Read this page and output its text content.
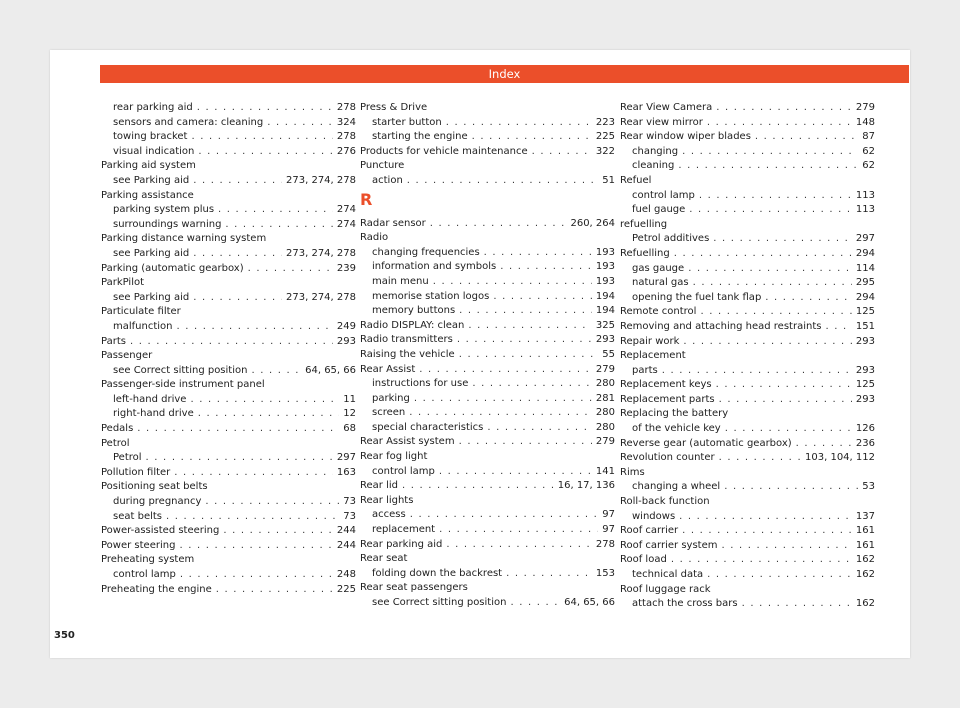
Index
rear parking aid . . .	278
sensors and camera: cleaning . . .	324
towing bracket . . .	278
visual indication . . .	276
Parking aid system
see Parking aid . . .	273, 274, 278
Parking assistance
parking system plus . . .	274
surroundings warning . . .	274
Parking distance warning system
see Parking aid . . .	273, 274, 278
Parking (automatic gearbox) . . .	239
ParkPilot
see Parking aid . . .	273, 274, 278
Particulate filter
malfunction . . .	249
Parts . . .	293
Passenger
see Correct sitting position . . .	64, 65, 66
Passenger-side instrument panel
left-hand drive . . .	11
right-hand drive . . .	12
Pedals . . .	68
Petrol
Petrol . . .	297
Pollution filter . . .	163
Positioning seat belts
during pregnancy . . .	73
seat belts . . .	73
Power-assisted steering . . .	244
Power steering . . .	244
Preheating system
control lamp . . .	248
Preheating the engine . . .	225
Press & Drive
starter button . . .	223
starting the engine . . .	225
Products for vehicle maintenance . . .	322
Puncture
action . . .	51
R
Radar sensor . . .	260, 264
Radio
changing frequencies . . .	193
information and symbols . . .	193
main menu . . .	193
memorise station logos . . .	194
memory buttons . . .	194
Radio DISPLAY: clean . . .	325
Radio transmitters . . .	293
Raising the vehicle . . .	55
Rear Assist . . .	279
instructions for use . . .	280
parking . . .	281
screen . . .	280
special characteristics . . .	280
Rear Assist system . . .	279
Rear fog light
control lamp . . .	141
Rear lid . . .	16, 17, 136
Rear lights
access . . .	97
replacement . . .	97
Rear parking aid . . .	278
Rear seat
folding down the backrest . . .	153
Rear seat passengers
see Correct sitting position . . .	64, 65, 66
Rear View Camera . . .	279
Rear view mirror . . .	148
Rear window wiper blades . . .	87
changing . . .	62
cleaning . . .	62
Refuel
control lamp . . .	113
fuel gauge . . .	113
refuelling
Petrol additives . . .	297
Refuelling . . .	294
gas gauge . . .	114
natural gas . . .	295
opening the fuel tank flap . . .	294
Remote control . . .	125
Removing and attaching head restraints . . .	151
Repair work . . .	293
Replacement
parts . . .	293
Replacement keys . . .	125
Replacement parts . . .	293
Replacing the battery
of the vehicle key . . .	126
Reverse gear (automatic gearbox) . . .	236
Revolution counter . . .	103, 104, 112
Rims
changing a wheel . . .	53
Roll-back function
windows . . .	137
Roof carrier . . .	161
Roof carrier system . . .	161
Roof load . . .	162
technical data . . .	162
Roof luggage rack
attach the cross bars . . .	162
350
